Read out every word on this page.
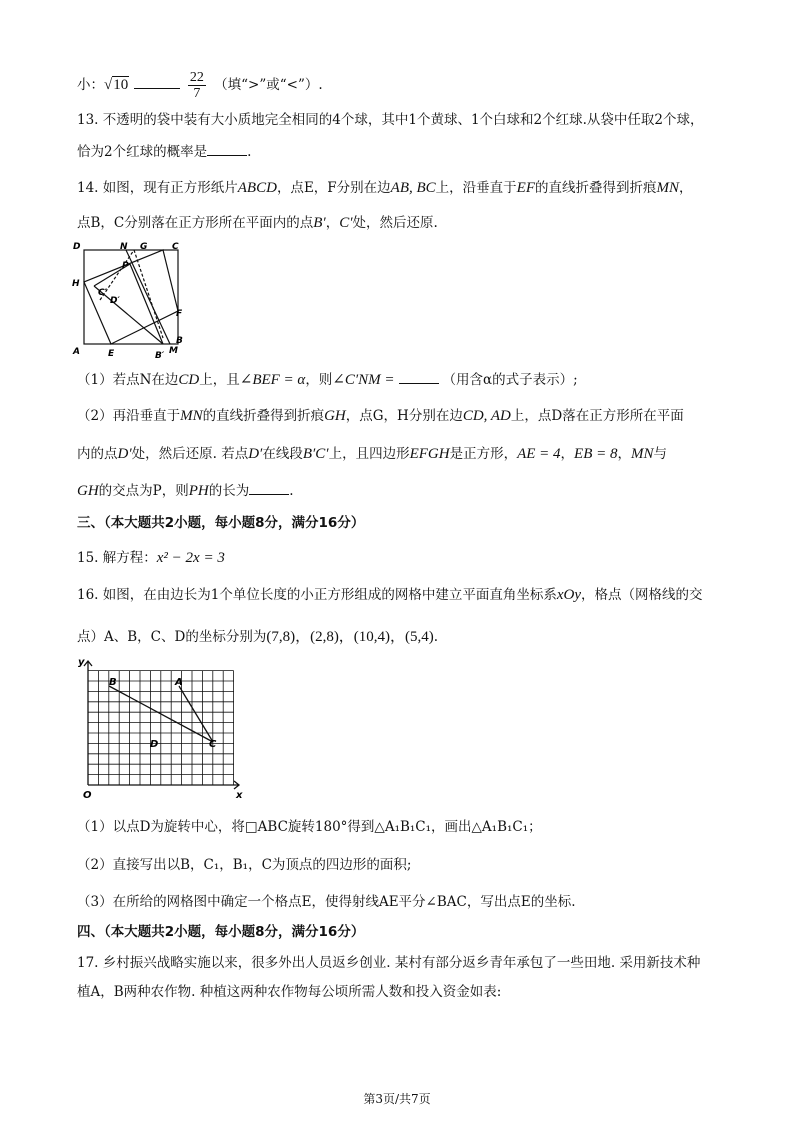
小：√10	$\frac{22}{7}$ （填“>”或“<”）.
13. 不透明的袋中装有大小质地完全相同的4个球，其中1个黄球、1个白球和2个红球.从袋中任取2个球，
恰为2个红球的概率是	.
14. 如图，现有正方形纸片ABCD，点E，F分别在边AB, BC上，沿垂直于EF的直线折叠得到折痕MN，
点B，C分别落在正方形所在平面内的点B′，C′处，然后还原.
D	N G	C
H
P
C′
D′
F
B
A	E	B′ M
（1）若点N在边CD上，且∠BEF = α，则∠C′NM =	（用含α的式子表示）;
（2）再沿垂直于MN的直线折叠得到折痕GH，点G，H分别在边CD, AD上，点D落在正方形所在平面
内的点D′处，然后还原. 若点D′在线段B′C′上，且四边形EFGH是正方形，AE = 4，EB = 8，MN与
GH的交点为P，则PH的长为	.
三、（本大题共2小题，每小题8分，满分16分）
15. 解方程：x² − 2x = 3
16. 如图，在由边长为1个单位长度的小正方形组成的网格中建立平面直角坐标系xOy，格点（网格线的交
点）A、B，C、D的坐标分别为(7,8)，(2,8)，(10,4)，(5,4).
y
B	A
D	C
O	x
（1）以点D为旋转中心，将□ABC旋转180°得到△A₁B₁C₁，画出△A₁B₁C₁；
（2）直接写出以B，C₁，B₁，C为顶点的四边形的面积;
（3）在所给的网格图中确定一个格点E，使得射线AE平分∠BAC，写出点E的坐标.
四、（本大题共2小题，每小题8分，满分16分）
17. 乡村振兴战略实施以来，很多外出人员返乡创业. 某村有部分返乡青年承包了一些田地. 采用新技术种
植A，B两种农作物. 种植这两种农作物每公顷所需人数和投入资金如表:
第3页/共7页
